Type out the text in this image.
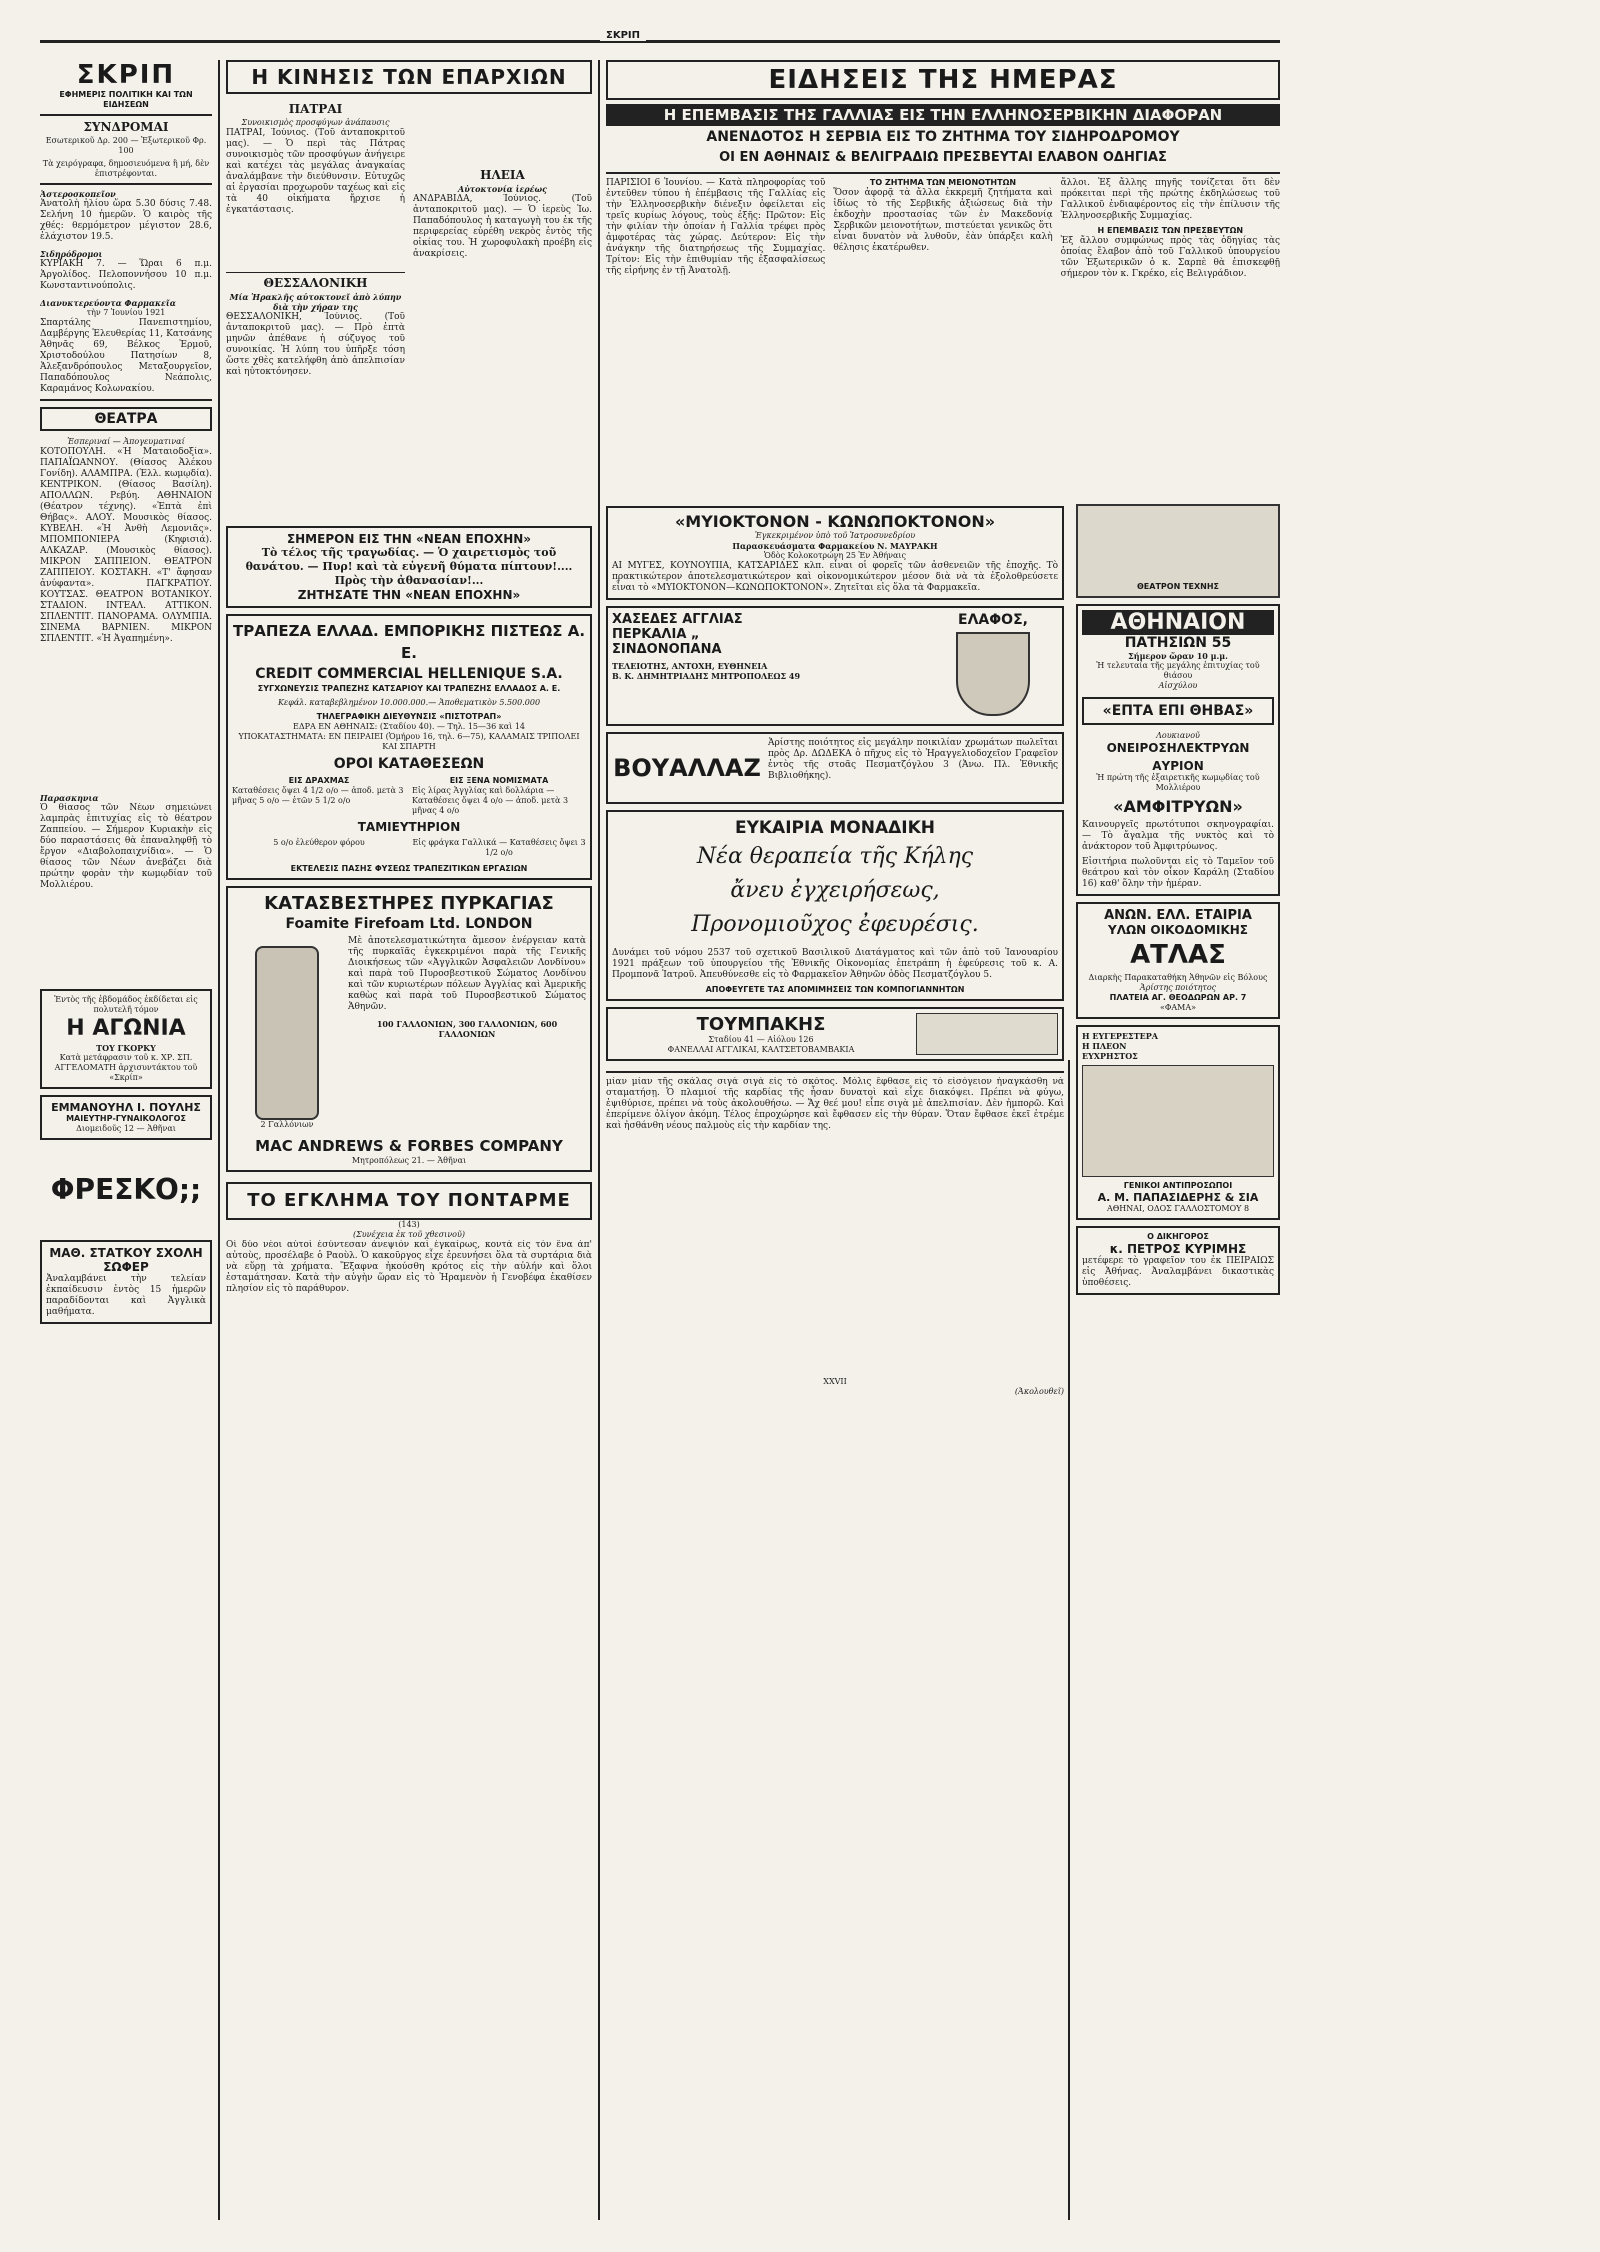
ΣΚΡΙΠ
ΣΚΡΙΠ
ΕΦΗΜΕΡΙΣ ΠΟΛΙΤΙΚΗ ΚΑΙ ΤΩΝ ΕΙΔΗΣΕΩΝ
ΣΥΝΔΡΟΜΑΙ
Εσωτερικοῦ Δρ. 200 — Ἐξωτερικοῦ Φρ. 100
Τὰ χειρόγραφα, δημοσιευόμενα ἢ μή, δὲν ἐπιστρέφονται.
Ἀστεροσκοπεῖον
Ἀνατολὴ ἡλίου ὥρα 5.30 δύσις 7.48. Σελήνη 10 ἡμερῶν. Ὁ καιρὸς τῆς χθές: θερμόμετρον μέγιστον 28.6, ἐλάχιστον 19.5.
Σιδηρόδρομοι
ΚΥΡΙΑΚΗ 7. — Ὥραι 6 π.μ. Ἀργολίδος. Πελοποννήσου 10 π.μ. Κωνσταντινούπολις.
Διανυκτερεύοντα Φαρμακεῖα
τὴν 7 Ἰουνίου 1921
Σπαρτάλης Πανεπιστημίου, Δαμβέργης Ἑλευθερίας 11, Κατσάνης Ἀθηνᾶς 69, Βέλκος Ἐρμοῦ, Χριστοδούλου Πατησίων 8, Ἀλεξανδρόπουλος Μεταξουργεῖον, Παπαδόπουλος Νεάπολις, Καραμάνος Κολωνακίου.
ΘΕΑΤΡΑ
Ἑσπεριναί — Ἀπογευματιναί
ΚΟΤΟΠΟΥΛΗ. «Ἡ Ματαιοδοξία». ΠΑΠΑΪΩΑΝΝΟΥ. (Θίασος Ἀλέκου Γονίδη). ΑΛΑΜΠΡΑ. (Ἑλλ. κωμῳδία). ΚΕΝΤΡΙΚΟΝ. (Θίασος Βασίλη). ΑΠΟΛΛΩΝ. Ρεβύη. ΑΘΗΝΑΙΟΝ (Θέατρον τέχνης). «Ἑπτὰ ἐπὶ Θήβας». ΑΛΟΥ. Μουσικὸς θίασος. ΚΥΒΕΛΗ. «Ἡ Ἀνθὴ Λεμονιᾶς». ΜΠΟΜΠΟΝΙΕΡΑ (Κηφισιά). ΑΛΚΑΖΑΡ. (Μουσικὸς θίασος). ΜΙΚΡΟΝ ΣΑΠΠΕΙΟΝ. ΘΕΑΤΡΟΝ ΖΑΠΠΕΙΟΥ. ΚΟΣΤΑΚΗ. «Τ' ἄφησαν ἀνύφαντα». ΠΑΓΚΡΑΤΙΟΥ. ΚΟΥΤΣΑΣ. ΘΕΑΤΡΟΝ ΒΟΤΑΝΙΚΟΥ. ΣΤΑΔΙΟΝ. ΙΝΤΕΑΛ. ΑΤΤΙΚΟΝ. ΣΠΛΕΝΤΙΤ. ΠΑΝΟΡΑΜΑ. ΟΛΥΜΠΙΑ. ΣΙΝΕΜΑ ΒΑΡΝΙΕΝ. ΜΙΚΡΟΝ ΣΠΛΕΝΤΙΤ. «Ἡ Ἀγαπημένη».
Παρασκηνια
Ὁ θίασος τῶν Νέων σημειώνει λαμπρὰς ἐπιτυχίας εἰς τὸ θέατρον Ζαππείου. — Σήμερον Κυριακὴν εἰς δύο παραστάσεις θὰ ἐπαναληφθῇ τὸ ἔργον «Διαβολοπαιχνίδια». — Ὁ θίασος τῶν Νέων ἀνεβάζει διὰ πρώτην φορὰν τὴν κωμῳδίαν τοῦ Μολλιέρου.
Ἐντὸς τῆς ἑβδομάδος ἐκδίδεται εἰς πολυτελῆ τόμον
Η ΑΓΩΝΙΑ
ΤΟΥ ΓΚΟΡΚΥ
Κατὰ μετάφρασιν τοῦ κ. ΧΡ. ΣΠ. ΑΓΓΕΛΟΜΑΤΗ ἀρχισυντάκτου τοῦ «Σκρίπ»
ΕΜΜΑΝΟΥΗΛ Ι. ΠΟΥΛΗΣ
ΜΑΙΕΥΤΗΡ-ΓΥΝΑΙΚΟΛΟΓΟΣ
Διομειδοῦς 12 — Ἀθῆναι
ΦΡΕΣΚΟ;;
ΜΑΘ. ΣΤΑΤΚΟΥ ΣΧΟΛΗ ΣΩΦΕΡ
Ἀναλαμβάνει τὴν τελείαν ἐκπαίδευσιν ἐντὸς 15 ἡμερῶν παραδίδονται καὶ Ἀγγλικὰ μαθήματα.
Η ΚΙΝΗΣΙΣ ΤΩΝ ΕΠΑΡΧΙΩΝ
ΠΑΤΡΑΙ
Συνοικισμὸς προσφύγων ἀνάπαυσις
ΠΑΤΡΑΙ, Ἰούνιος. (Τοῦ ἀνταποκριτοῦ μας). — Ὁ περὶ τὰς Πάτρας συνοικισμὸς τῶν προσφύγων ἀνήγειρε καὶ κατέχει τὰς μεγάλας ἀναγκαίας ἀναλάμβανε τὴν διεύθυνσιν. Εὐτυχῶς αἱ ἐργασίαι προχωροῦν ταχέως καὶ εἰς τὰ 40 οἰκήματα ἤρχισε ἡ ἐγκατάστασις.
ΘΕΣΣΑΛΟΝΙΚΗ
Μία Ἡρακλῆς αὐτοκτονεῖ ἀπὸ λύπην διὰ τὴν χήραν της
ΘΕΣΣΑΛΟΝΙΚΗ, Ἰούνιος. (Τοῦ ἀνταποκριτοῦ μας). — Πρὸ ἑπτὰ μηνῶν ἀπέθανε ἡ σύζυγος τοῦ συνοικίας. Ἡ λύπη του ὑπῆρξε τόση ὥστε χθὲς κατελήφθη ἀπὸ ἀπελπισίαν καὶ ηὐτοκτόνησεν.
ΗΛΕΙΑ
Αὐτοκτονία ἱερέως
ΑΝΔΡΑΒΙΔΑ, Ἰούνιος. (Τοῦ ἀνταποκριτοῦ μας). — Ὁ ἱερεὺς Ἰω. Παπαδόπουλος ἡ καταγωγὴ του ἐκ τῆς περιφερείας εὑρέθη νεκρὸς ἐντὸς τῆς οἰκίας του. Ἡ χωροφυλακὴ προέβη εἰς ἀνακρίσεις.
ΣΗΜΕΡΟΝ ΕΙΣ ΤΗΝ «ΝΕΑΝ ΕΠΟΧΗΝ»
Τὸ τέλος τῆς τραγωδίας. — Ὁ χαιρετισμὸς τοῦ θανάτου. — Πυρ! καὶ τὰ εὐγενῆ θύματα πίπτουν!.... Πρὸς τὴν ἀθανασίαν!...
ΖΗΤΗΣΑΤΕ ΤΗΝ «ΝΕΑΝ ΕΠΟΧΗΝ»
ΤΡΑΠΕΖΑ ΕΛΛΑΔ. ΕΜΠΟΡΙΚΗΣ ΠΙΣΤΕΩΣ Α. Ε.
CREDIT COMMERCIAL HELLENIQUE S.A.
ΣΥΓΧΩΝΕΥΣΙΣ ΤΡΑΠΕΖΗΣ ΚΑΤΣΑΡΙΟΥ ΚΑΙ ΤΡΑΠΕΖΗΣ ΕΛΛΑΔΟΣ Α. Ε.
Κεφάλ. καταβεβλημένον 10.000.000.— Ἀποθεματικὸν 5.500.000
ΤΗΛΕΓΡΑΦΙΚΗ ΔΙΕΥΘΥΝΣΙΣ «ΠΙΣΤΟΤΡΑΠ»
ΕΔΡΑ ΕΝ ΑΘΗΝΑΙΣ: (Σταδίου 40). — Τηλ. 15—36 καὶ 14
ΥΠΟΚΑΤΑΣΤΗΜΑΤΑ: ΕΝ ΠΕΙΡΑΙΕΙ (Ὁμήρου 16, τηλ. 6—75), ΚΑΛΑΜΑΙΣ ΤΡΙΠΟΛΕΙ ΚΑΙ ΣΠΑΡΤΗ
ΟΡΟΙ ΚΑΤΑΘΕΣΕΩΝ
ΕΙΣ ΔΡΑΧΜΑΣ
Καταθέσεις ὄψει 4 1/2 ο/ο — ἀποδ. μετὰ 3 μῆνας 5 ο/ο — ἐτῶν 5 1/2 ο/ο
ΕΙΣ ΞΕΝΑ ΝΟΜΙΣΜΑΤΑ
Εἰς λίρας Ἀγγλίας καὶ δολλάρια — Καταθέσεις ὄψει 4 ο/ο — ἀποδ. μετὰ 3 μῆνας 4 ο/ο
ΤΑΜΙΕΥΤΗΡΙΟΝ
5 ο/ο ἐλεύθερον φόρου	Εἰς φράγκα Γαλλικά — Καταθέσεις ὄψει 3 1/2 ο/ο
ΕΚΤΕΛΕΣΙΣ ΠΑΣΗΣ ΦΥΣΕΩΣ ΤΡΑΠΕΖΙΤΙΚΩΝ ΕΡΓΑΣΙΩΝ
ΚΑΤΑΣΒΕΣΤΗΡΕΣ ΠΥΡΚΑΓΙΑΣ
Foamite Firefoam Ltd. LONDON
2 Γαλλόνιων
Μὲ ἀποτελεσματικώτητα ἄμεσον ἐνέργειαν κατὰ τῆς πυρκαϊᾶς ἐγκεκριμένοι παρὰ τῆς Γενικῆς Διοικήσεως τῶν «Ἀγγλικῶν Ἀσφαλειῶν Λονδίνου» καὶ παρὰ τοῦ Πυροσβεστικοῦ Σώματος Λονδίνου καὶ τῶν κυριωτέρων πόλεων Ἀγγλίας καὶ Ἀμερικῆς καθὼς καὶ παρὰ τοῦ Πυροσβεστικοῦ Σώματος Ἀθηνῶν.
100 ΓΑΛΛΟΝΙΩΝ, 300 ΓΑΛΛΟΝΙΩΝ, 600 ΓΑΛΛΟΝΙΩΝ
MAC ANDREWS & FORBES COMPANY
Μητροπόλεως 21. — Ἀθῆναι
ΤΟ ΕΓΚΛΗΜΑ ΤΟΥ ΠΟΝΤΑΡΜΕ
(143)
(Συνέχεια ἐκ τοῦ χθεσινοῦ)
Οἱ δύο νέοι αὐτοὶ ἐσύντεσαν ἀνεψιόν καὶ ἐγκαίρως, κοντὰ εἰς τὸν ἕνα ἀπ' αὐτοὺς, προσέλαβε ὁ Ραοὺλ. Ὁ κακοῦργος εἶχε ἐρευνήσει ὅλα τὰ συρτάρια διὰ νὰ εὕρῃ τὰ χρήματα. Ἔξαφνα ἠκούσθη κρότος εἰς τὴν αὐλήν καὶ ὅλοι ἐσταμάτησαν. Κατὰ τὴν αὐγὴν ὥραν εἰς τὸ Ἠραμενὸν ἡ Γενοβέφα ἐκαθίσεν πλησίον εἰς τὸ παράθυρον.
ΕΙΔΗΣΕΙΣ ΤΗΣ ΗΜΕΡΑΣ
Η ΕΠΕΜΒΑΣΙΣ ΤΗΣ ΓΑΛΛΙΑΣ ΕΙΣ ΤΗΝ ΕΛΛΗΝΟΣΕΡΒΙΚΗΝ ΔΙΑΦΟΡΑΝ
ΑΝΕΝΔΟΤΟΣ Η ΣΕΡΒΙΑ ΕΙΣ ΤΟ ΖΗΤΗΜΑ ΤΟΥ ΣΙΔΗΡΟΔΡΟΜΟΥ
ΟΙ ΕΝ ΑΘΗΝΑΙΣ & ΒΕΛΙΓΡΑΔΙΩ ΠΡΕΣΒΕΥΤΑΙ ΕΛΑΒΟΝ ΟΔΗΓΙΑΣ
ΠΑΡΙΣΙΟΙ 6 Ἰουνίου. — Κατὰ πληροφορίας τοῦ ἐντεῦθεν τύπου ἡ ἐπέμβασις τῆς Γαλλίας εἰς τὴν Ἑλληνοσερβικὴν διένεξιν ὀφείλεται εἰς τρεῖς κυρίως λόγους, τοὺς ἑξῆς: Πρῶτον: Εἰς τὴν φιλίαν τὴν ὁποίαν ἡ Γαλλία τρέφει πρὸς ἀμφοτέρας τὰς χώρας. Δεύτερον: Εἰς τὴν ἀνάγκην τῆς διατηρήσεως τῆς Συμμαχίας. Τρίτον: Εἰς τὴν ἐπιθυμίαν τῆς ἐξασφαλίσεως τῆς εἰρήνης ἐν τῇ Ἀνατολῇ.
ΤΟ ΖΗΤΗΜΑ ΤΩΝ ΜΕΙΟΝΟΤΗΤΩΝ
Ὅσον ἀφορᾷ τὰ ἄλλα ἐκκρεμῆ ζητήματα καὶ ἰδίως τὸ τῆς Σερβικῆς ἀξιώσεως διὰ τὴν ἐκδοχὴν προστασίας τῶν ἐν Μακεδονίᾳ Σερβικῶν μειονοτήτων, πιστεύεται γενικῶς ὅτι εἶναι δυνατὸν νὰ λυθοῦν, ἐὰν ὑπάρξει καλὴ θέλησις ἑκατέρωθεν.
ἄλλοι. Ἐξ ἄλλης πηγῆς τονίζεται ὅτι δὲν πρόκειται περὶ τῆς πρώτης ἐκδηλώσεως τοῦ Γαλλικοῦ ἐνδιαφέροντος εἰς τὴν ἐπίλυσιν τῆς Ἑλληνοσερβικῆς Συμμαχίας.
Η ΕΠΕΜΒΑΣΙΣ ΤΩΝ ΠΡΕΣΒΕΥΤΩΝ
Ἐξ ἄλλου συμφώνως πρὸς τὰς ὁδηγίας τὰς ὁποίας ἔλαβον ἀπὸ τοῦ Γαλλικοῦ ὑπουργείου τῶν Ἐξωτερικῶν ὁ κ. Σαρπὲ θὰ ἐπισκεφθῇ σήμερον τὸν κ. Γκρέκο, εἰς Βελιγράδιον.
«ΜΥΙΟΚΤΟΝΟΝ - ΚΩΝΩΠΟΚΤΟΝΟΝ»
Ἐγκεκριμένον ὑπὸ τοῦ Ἰατροσυνεδρίου
Παρασκευάσματα Φαρμακείου Ν. ΜΑΥΡΑΚΗ
Ὁδὸς Κολοκοτρώνη 25 Ἐν Ἀθήναις
ΑΙ ΜΥΓΕΣ, ΚΟΥΝΟΥΠΙΑ, ΚΑΤΣΑΡΙΔΕΣ κλπ. εἶναι οἱ φορεῖς τῶν ἀσθενειῶν τῆς ἐποχῆς. Τὸ πρακτικώτερον ἀποτελεσματικώτερον καὶ οἰκονομικώτερον μέσον διὰ νὰ τὰ ἐξολοθρεύσετε εἶναι τὸ «ΜΥΙΟΚΤΟΝΟΝ—ΚΩΝΩΠΟΚΤΟΝΟΝ». Ζητεῖται εἰς ὅλα τὰ Φαρμακεῖα.
ΧΑΣΕΔΕΣ ΑΓΓΛΙΑΣ
ΠΕΡΚΑΛΙΑ „
ΣΙΝΔΟΝΟΠΑΝΑ
ΤΕΛΕΙΟΤΗΣ, ΑΝΤΟΧΗ, ΕΥΘΗΝΕΙΑ
Β. Κ. ΔΗΜΗΤΡΙΑΔΗΣ ΜΗΤΡΟΠΟΛΕΩΣ 49
ΕΛΑΦΟΣ,
ΒΟΥΑΛΛΑΖ
Ἀρίστης ποιότητος εἰς μεγάλην ποικιλίαν χρωμάτων πωλεῖται πρὸς Δρ. ΔΩΔΕΚΑ ὁ πῆχυς εἰς τὸ Ἡραγγελιοδοχεῖον Γραφεῖον ἐντὸς τῆς στοᾶς Πεσματζόγλου 3 (Ἀνω. Πλ. Ἐθνικῆς Βιβλιοθήκης).
ΕΥΚΑΙΡΙΑ ΜΟΝΑΔΙΚΗ
Νέα θεραπεία τῆς Κήλης
ἄνευ ἐγχειρήσεως,
Προνομιοῦχος ἐφευρέσις.
Δυνάμει τοῦ νόμου 2537 τοῦ σχετικοῦ Βασιλικοῦ Διατάγματος καὶ τῶν ἀπὸ τοῦ Ἰανουαρίου 1921 πράξεων τοῦ ὑπουργείου τῆς Ἐθνικῆς Οἰκονομίας ἐπετράπη ἡ ἐφεύρεσις τοῦ κ. Α. Προμπονᾶ Ἰατροῦ. Ἀπευθύνεσθε εἰς τὸ Φαρμακεῖον Ἀθηνῶν ὁδὸς Πεσματζόγλου 5.
ΑΠΟΦΕΥΓΕΤΕ ΤΑΣ ΑΠΟΜΙΜΗΣΕΙΣ ΤΩΝ ΚΟΜΠΟΓΙΑΝΝΗΤΩΝ
ΤΟΥΜΠΑΚΗΣ
Σταδίου 41 — Αἰόλου 126
ΦΑΝΕΛΛΑΙ ΑΓΓΛΙΚΑΙ, ΚΑΛΤΣΕΤΟΒΑΜΒΑΚΙΑ
μίαν μίαν τῆς σκάλας σιγὰ σιγὰ εἰς τὸ σκότος. Μόλις ἔφθασε εἰς τὸ εἰσόγειον ἠναγκάσθη νὰ σταματήσῃ. Ὁ πλαμιοί τῆς καρδίας τῆς ἦσαν δυνατοὶ καὶ εἶχε διακόψει. Πρέπει νὰ φύγω, ἐψιθύρισε, πρέπει νὰ τοὺς ἀκολουθήσω. — Ἄχ θεέ μου! εἶπε σιγὰ μὲ ἀπελπισίαν. Δὲν ἠμπορῶ. Καὶ ἐπερίμενε ὀλίγον ἀκόμη. Τέλος ἐπροχώρησε καὶ ἔφθασεν εἰς τὴν θύραν. Ὅταν ἔφθασε ἐκεῖ ἐτρέμε καὶ ἠσθάνθη νέους παλμοὺς εἰς τὴν καρδίαν της.
XXVII
(Ἀκολουθεῖ)
ΘΕΑΤΡΟΝ ΤΕΧΝΗΣ
ΑΘΗΝΑΙΟΝ
ΠΑΤΗΣΙΩΝ 55
Σήμερον ὥραν 10 μ.μ.
Ἡ τελευταία τῆς μεγάλης ἐπιτυχίας τοῦ θιάσου
Αἰσχύλου
«ΕΠΤΑ ΕΠΙ ΘΗΒΑΣ»
Λουκιανοῦ
ΟΝΕΙΡΟΣΗΛΕΚΤΡΥΩΝ
ΑΥΡΙΟΝ
Ἡ πρώτη τῆς ἐξαιρετικῆς κωμῳδίας τοῦ Μολλιέρου
«ΑΜΦΙΤΡΥΩΝ»
Καινουργεῖς πρωτότυποι σκηνογραφίαι. — Τὸ ἄγαλμα τῆς νυκτὸς καὶ τὸ ἀνάκτορον τοῦ Ἀμφιτρύωνος.
Εἰσιτήρια πωλοῦνται εἰς τὸ Ταμεῖον τοῦ θεάτρου καὶ τὸν οἶκον Καράλη (Σταδίου 16) καθ' ὅλην τὴν ἡμέραν.
ΑΝΩΝ. ΕΛΛ. ΕΤΑΙΡΙΑ
ΥΛΩΝ ΟΙΚΟΔΟΜΙΚΗΣ
ΑΤΛΑΣ
Διαρκὴς Παρακαταθήκη Ἀθηνῶν εἰς Βόλους
Ἀρίστης ποιότητος
ΠΛΑΤΕΙΑ ΑΓ. ΘΕΟΔΩΡΩΝ ΑΡ. 7
«ΦΑΜΑ»
Η ΕΥΓΕΡΕΣΤΕΡΑ
Η ΠΛΕΟΝ
ΕΥΧΡΗΣΤΟΣ
ΓΕΝΙΚΟΙ ΑΝΤΙΠΡΟΣΩΠΟΙ
Α. Μ. ΠΑΠΑΣΙΔΕΡΗΣ & ΣΙΑ
ΑΘΗΝΑΙ, ΟΔΟΣ ΓΑΛΛΟΣΤΟΜΟΥ 8
Ο ΔΙΚΗΓΟΡΟΣ
κ. ΠΕΤΡΟΣ ΚΥΡΙΜΗΣ
μετέφερε τὸ γραφεῖον του ἐκ ΠΕΙΡΑΙΩΣ εἰς Ἀθήνας. Ἀναλαμβάνει δικαστικὰς ὑποθέσεις.
